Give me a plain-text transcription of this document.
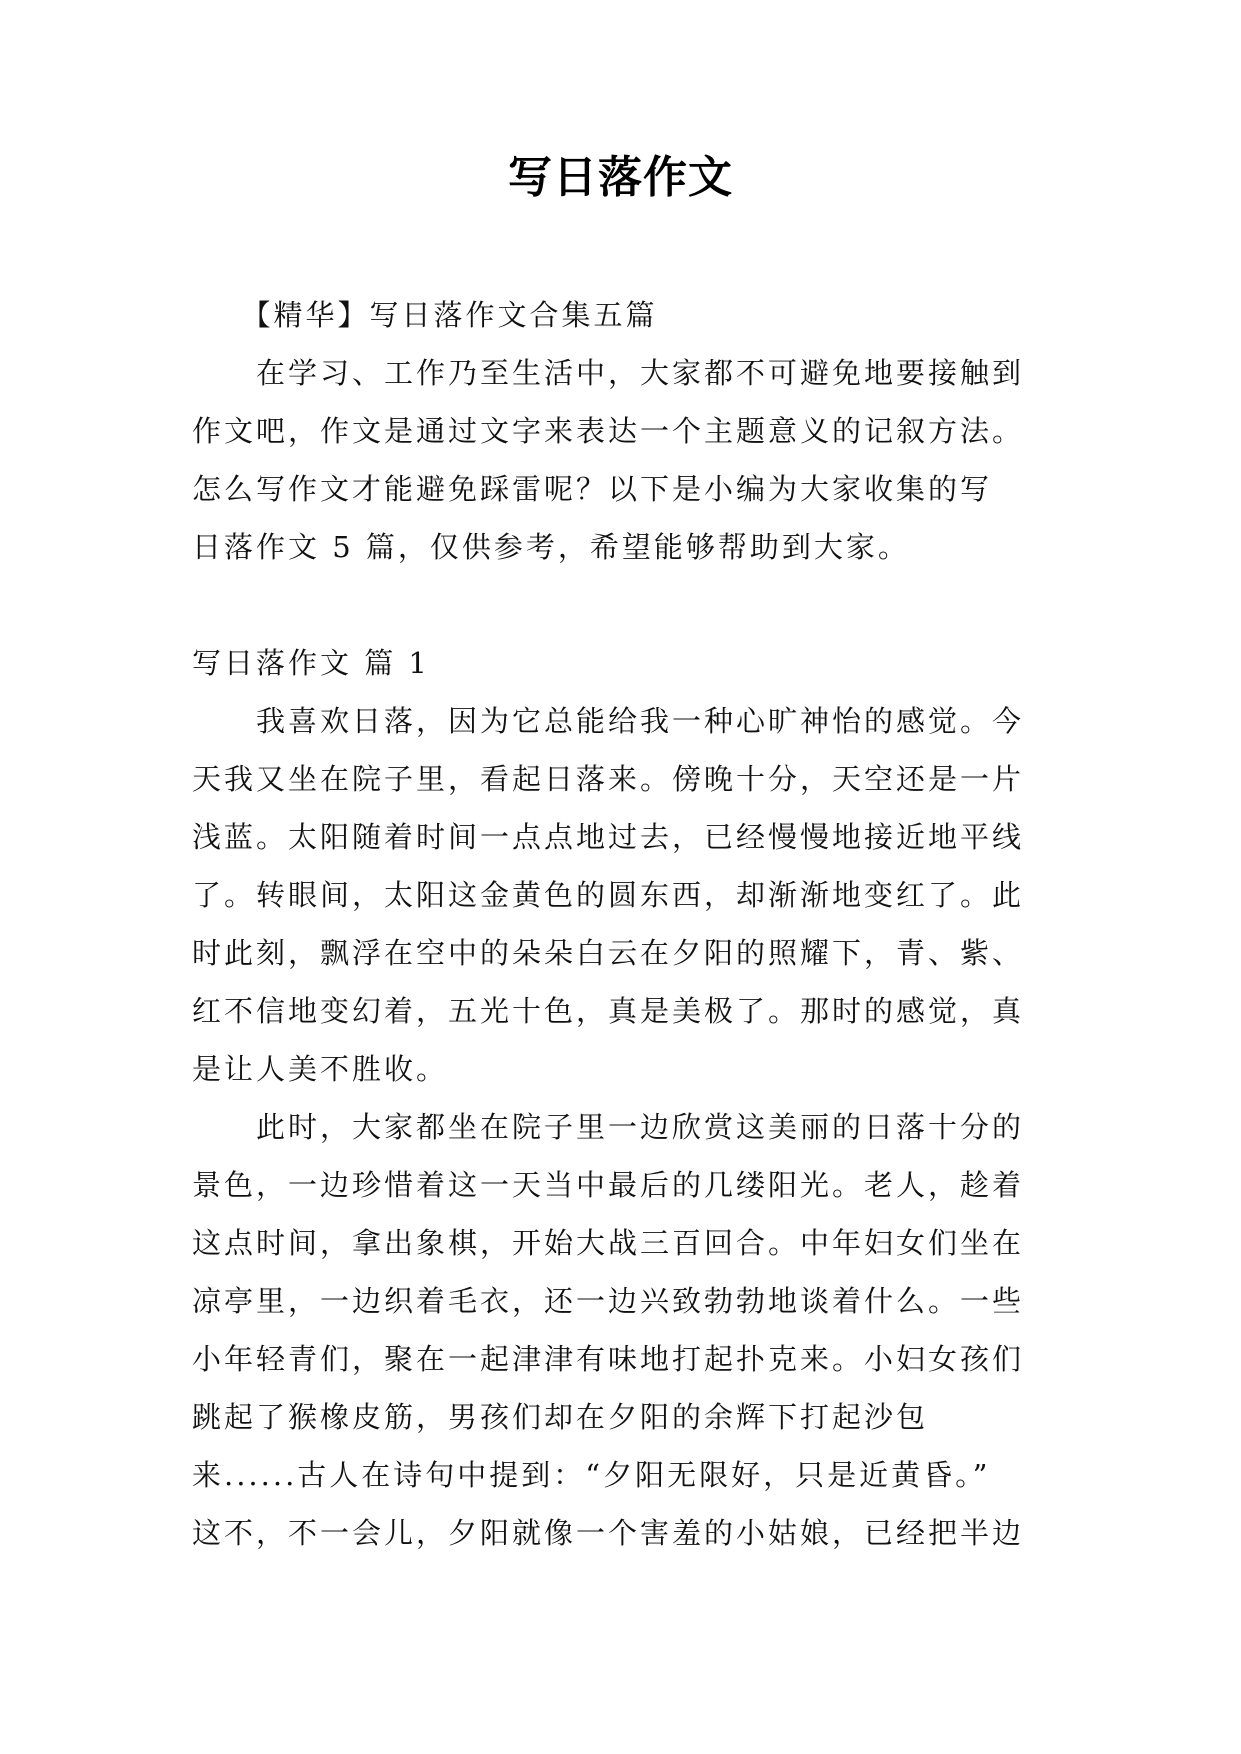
写日落作文
　　【精华】写日落作文合集五篇
　　在学习、工作乃至生活中，大家都不可避免地要接触到
作文吧，作文是通过文字来表达一个主题意义的记叙方法。
怎么写作文才能避免踩雷呢？以下是小编为大家收集的写
日落作文 5 篇，仅供参考，希望能够帮助到大家。
写日落作文 篇 1
　　我喜欢日落，因为它总能给我一种心旷神怡的感觉。今
天我又坐在院子里，看起日落来。傍晚十分，天空还是一片
浅蓝。太阳随着时间一点点地过去，已经慢慢地接近地平线
了。转眼间，太阳这金黄色的圆东西，却渐渐地变红了。此
时此刻，飘浮在空中的朵朵白云在夕阳的照耀下，青、紫、
红不信地变幻着，五光十色，真是美极了。那时的感觉，真
是让人美不胜收。
　　此时，大家都坐在院子里一边欣赏这美丽的日落十分的
景色，一边珍惜着这一天当中最后的几缕阳光。老人，趁着
这点时间，拿出象棋，开始大战三百回合。中年妇女们坐在
凉亭里，一边织着毛衣，还一边兴致勃勃地谈着什么。一些
小年轻青们，聚在一起津津有味地打起扑克来。小妇女孩们
跳起了猴橡皮筋，男孩们却在夕阳的余辉下打起沙包
来......古人在诗句中提到：“夕阳无限好，只是近黄昏。”
这不，不一会儿，夕阳就像一个害羞的小姑娘，已经把半边
